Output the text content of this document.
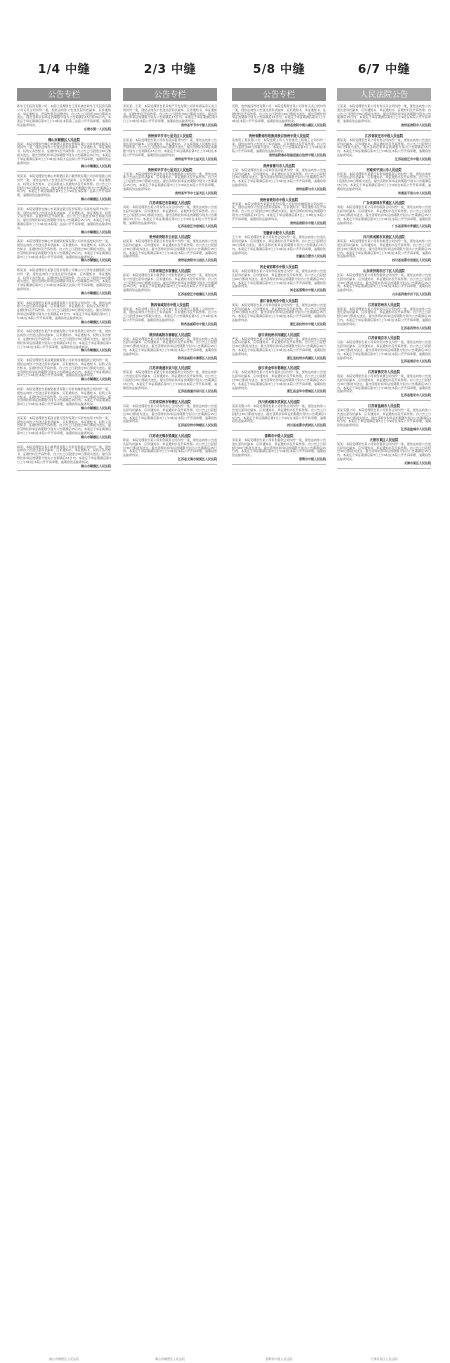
1/4 中缝
公告专栏
新华王宅投资有限公司：本院已受理原告王某诉被告新华王宅投资有限公司买卖合同纠纷一案，现依法向你公告送达起诉状副本、应诉通知书、举证通知书、开庭传票及证据材料。自公告之日起经过60日即视为送达。提出答辩状和举证的期限分别为公告期满后15日和30日内。本案定于举证期满后第3日上午9时在本院第三法庭公开开庭审理，逾期将依法缺席判决。
东莞市第一人民法院
佛山市顺德区人民法院
何某：本院受理原告佛山市顺德区某物业管理有限公司诉你物业服务合同纠纷一案，现依法向你公告送达起诉状副本、应诉通知书、举证通知书、权利义务告知书、证据材料及开庭传票。自公告之日起经过30日即视为送达。提出答辩状和举证的期限分别为公告期满后15日内。本案定于举证期满后第3日上午9时在本院大良法庭公开开庭审理，逾期将依法缺席判决。
佛山市顺德区人民法院
周某某：本院受理原告佛山市顺德区某小额贷款有限公司诉你借款合同纠纷一案，现依法向你公告送达起诉状副本、应诉通知书、举证通知书、权利义务告知书、合议庭组成人员通知书及开庭传票。自公告之日起经过30日即视为送达。提出答辩状和举证的期限分别为公告期满后15日内。本案定于举证期满后第3日上午9时在本院第一法庭公开开庭审理，逾期将依法缺席判决。
佛山市顺德区人民法院
李某：本院受理原告佛山市某商业银行股份有限公司诉你信用卡纠纷一案，现依法向你公告送达起诉状副本、应诉通知书、举证通知书、权利义务告知书、证据材料及开庭传票。自公告之日起经过30日即视为送达。提出答辩状和举证的期限分别为公告期满后15日内。本案定于举证期满后第3日上午9时在本院第二法庭公开开庭审理，逾期将依法缺席判决。
佛山市顺德区人民法院
黄某：本院受理原告佛山市某融资担保有限公司诉你追偿权纠纷一案，现依法向你公告送达起诉状副本、应诉通知书、举证通知书、权利义务告知书、证据材料及开庭传票。自公告之日起经过30日即视为送达。提出答辩状和举证的期限分别为公告期满后15日内。本案定于举证期满后第3日上午9时在本院公开开庭审理，逾期将依法缺席判决。
佛山市顺德区人民法院
陈某某：本院受理原告某银行股份有限公司佛山分行诉你金融借款合同纠纷一案，现依法向你公告送达起诉状副本、应诉通知书、举证通知书、权利义务告知书、证据材料及开庭传票。自公告之日起经过30日即视为送达。提出答辩状和举证的期限分别为公告期满后15日内。本案定于举证期满后第3日上午9时在本院第五法庭公开开庭审理，逾期将依法缺席判决。
佛山市顺德区人民法院
梁某：本院受理原告某商业保理有限公司诉你合同纠纷一案，现依法向你公告送达起诉状副本、应诉通知书、举证通知书、权利义务告知书、证据材料及开庭传票。自公告之日起经过30日即视为送达。提出答辩状和举证的期限分别为公告期满后15日内。本案定于举证期满后第3日上午9时在本院公开开庭审理，逾期将依法缺席判决。
佛山市顺德区人民法院
郑某：本院受理原告某汽车金融有限公司诉你借款合同纠纷一案，现依法向你公告送达起诉状副本、应诉通知书、举证通知书、权利义务告知书、证据材料及开庭传票。自公告之日起经过30日即视为送达。提出答辩状和举证的期限分别为公告期满后15日内。本案定于举证期满后第3日上午9时在本院公开开庭审理，逾期将依法缺席判决。
佛山市顺德区人民法院
吴某：本院受理原告某消费金融有限公司诉你金融借款合同纠纷一案，现依法向你公告送达起诉状副本、应诉通知书、举证通知书、权利义务告知书、证据材料及开庭传票。自公告之日起经过30日即视为送达。提出答辩状和举证的期限分别为公告期满后15日内。本案定于举证期满后第3日上午9时在本院公开开庭审理，逾期将依法缺席判决。
佛山市顺德区人民法院
林某：本院受理原告某融资租赁有限公司诉你融资租赁合同纠纷一案，现依法向你公告送达起诉状副本、应诉通知书、举证通知书、权利义务告知书、证据材料及开庭传票。自公告之日起经过30日即视为送达。提出答辩状和举证的期限分别为公告期满后15日内。本案定于举证期满后第3日上午9时在本院公开开庭审理，逾期将依法缺席判决。
佛山市顺德区人民法院
何某某：本院受理原告某商业银行股份有限公司诉你信用卡纠纷一案，现依法向你公告送达起诉状副本、应诉通知书、举证通知书、权利义务告知书、证据材料及开庭传票。自公告之日起经过30日即视为送达。提出答辩状和举证的期限分别为公告期满后15日内。本案定于举证期满后第3日上午9时在本院公开开庭审理，逾期将依法缺席判决。
佛山市顺德区人民法院
杨某：本院受理原告某小额贷款有限公司诉你借款合同纠纷一案，现依法向你公告送达起诉状副本、应诉通知书、举证通知书、权利义务告知书、证据材料及开庭传票。自公告之日起经过30日即视为送达。提出答辩状和举证的期限分别为公告期满后15日内。本案定于举证期满后第3日上午9时在本院公开开庭审理，逾期将依法缺席判决。
佛山市顺德区人民法院
佛山市顺德区人民法院
2/3 中缝
公告专栏
李某某、王某：本院受理原告某房地产开发有限公司诉你商品房买卖合同纠纷一案，现依法向你公告送达起诉状副本、应诉通知书、举证通知书、证据材料及开庭传票。自公告之日起经过60日即视为送达。提出答辩状和举证的期限分别为公告期满后15日内。本案定于举证期满后第3日上午9时在本院公开开庭审理，逾期将依法缺席判决。
贵州省毕节市中级人民法院
贵州省毕节市七星关区人民法院
张某某：本院受理原告某公司诉你民间借贷纠纷一案，现依法向你公告送达起诉状副本、应诉通知书、举证通知书、合议庭组成人员通知书及开庭传票。自公告之日起经过30日即视为送达。提出答辩状和举证的期限分别为公告期满后15日内。本案定于举证期满后第3日上午9时在本院公开开庭审理，逾期将依法缺席判决。
贵州省毕节市七星关区人民法院
贵州省毕节市七星关区人民法院
王某某：本院受理原告某信用社诉你金融借款合同纠纷一案，现依法向你公告送达起诉状副本、应诉通知书、举证通知书及开庭传票。自公告之日起经过30日即视为送达。提出答辩状和举证的期限分别为公告期满后15日内。本案定于举证期满后第3日上午9时在本院公开开庭审理，逾期将依法缺席判决。
贵州省毕节市七星关区人民法院
江苏省宿迁市宿城区人民法院
刘某：本院受理原告某公司诉你买卖合同纠纷一案，现依法向你公告送达起诉状副本、应诉通知书、举证通知书、证据材料及开庭传票。自公告之日起经过30日即视为送达。提出答辩状和举证的期限分别为公告期满后15日内。本案定于举证期满后第3日上午9时在本院公开开庭审理，逾期将依法缺席判决。
江苏省宿迁市宿城区人民法院
贵州省贵阳市云岩区人民法院
赵某某：本院受理原告某银行诉你信用卡纠纷一案，现依法向你公告送达起诉状副本、应诉通知书、举证通知书及开庭传票。自公告之日起经过30日即视为送达。提出答辩状和举证的期限分别为公告期满后15日内。本案定于举证期满后第3日上午9时在本院公开开庭审理，逾期将依法缺席判决。
贵州省贵阳市云岩区人民法院
江苏省宿迁市宿豫区人民法院
孙某：本院受理原告某小额贷款公司诉你借款合同纠纷一案，现依法向你公告送达起诉状副本、应诉通知书、举证通知书及开庭传票。自公告之日起经过30日即视为送达。提出答辩状和举证的期限分别为公告期满后15日内。本案定于举证期满后第3日上午9时在本院公开开庭审理，逾期将依法缺席判决。
江苏省宿迁市宿豫区人民法院
陕西省咸阳市中级人民法院
周某某：本院受理上诉人某公司与被上诉人你建设工程施工合同纠纷一案，现依法向你公告送达上诉状副本、应诉通知书及开庭传票。自公告之日起经过60日即视为送达。本案定于公告期满后第3日上午9时在本院公开开庭审理，逾期将依法缺席判决。
陕西省咸阳市中级人民法院
陕西省咸阳市秦都区人民法院
吴某：本院受理原告某公司诉你租赁合同纠纷一案，现依法向你公告送达起诉状副本、应诉通知书、举证通知书及开庭传票。自公告之日起经过30日即视为送达。提出答辩状和举证的期限分别为公告期满后15日内。本案定于举证期满后第3日上午9时在本院公开开庭审理，逾期将依法缺席判决。
陕西省咸阳市秦都区人民法院
江苏省南通市崇川区人民法院
郑某某：本院受理原告某银行诉你金融借款合同纠纷一案，现依法向你公告送达起诉状副本、应诉通知书、举证通知书及开庭传票。自公告之日起经过30日即视为送达。提出答辩状和举证的期限分别为公告期满后15日内。本案定于举证期满后第3日上午9时在本院公开开庭审理，逾期将依法缺席判决。
江苏省南通市崇川区人民法院
江苏省常州市钟楼区人民法院
冯某：本院受理原告某公司诉你加工合同纠纷一案，现依法向你公告送达起诉状副本、应诉通知书、举证通知书及开庭传票。自公告之日起经过30日即视为送达。提出答辩状和举证的期限分别为公告期满后15日内。本案定于举证期满后第3日上午9时在本院公开开庭审理，逾期将依法缺席判决。
江苏省常州市钟楼区人民法院
江苏省无锡市梁溪区人民法院
陈某：本院受理原告某公司诉你服务合同纠纷一案，现依法向你公告送达起诉状副本、应诉通知书、举证通知书及开庭传票。自公告之日起经过30日即视为送达。提出答辩状和举证的期限分别为公告期满后15日内。本案定于举证期满后第3日上午9时在本院公开开庭审理，逾期将依法缺席判决。
江苏省无锡市梁溪区人民法院
佛山市顺德区人民法院
5/8 中缝
公告专栏
安阳、贵州裕扬科技有限公司：本院受理原告某公司诉你买卖合同纠纷一案，现依法向你公告送达起诉状副本、应诉通知书、举证通知书、证据材料及开庭传票。自公告之日起经过30日即视为送达。提出答辩状和举证的期限分别为公告期满后15日内。本案定于举证期满后第3日上午9时在本院公开开庭审理，逾期将依法缺席判决。
贵州省贵阳市观山湖区人民法院
贵州省黔南布依族苗族自治州中级人民法院
某建筑工程有限公司：本院受理上诉人与你建设工程施工合同纠纷一案，现依法向你公告送达上诉状副本、应诉通知书及开庭传票。自公告之日起经过60日即视为送达。本案定于公告期满后第3日上午9时在本院公开开庭审理，逾期将依法缺席判决。
贵州省黔南布依族苗族自治州中级人民法院
贵州省都匀市人民法院
王某：本院受理原告某公司诉你民间借贷纠纷一案，现依法向你公告送达起诉状副本、应诉通知书、举证通知书及开庭传票。自公告之日起经过30日即视为送达。提出答辩状和举证的期限分别为公告期满后15日内。本案定于举证期满后第3日上午9时在本院公开开庭审理，逾期将依法缺席判决。
贵州省都匀市人民法院
贵州省贵阳市中级人民法院
罗某某：本院受理原告某银行股份有限公司诉你金融借款合同纠纷一案，现依法向你公告送达起诉状副本、应诉通知书、举证通知书及开庭传票。自公告之日起经过30日即视为送达。提出答辩状和举证的期限分别为公告期满后15日内。本案定于举证期满后第3日上午9时在本院公开开庭审理，逾期将依法缺席判决。
贵州省贵阳市中级人民法院
安徽省合肥市人民法院
王大米：本院受理原告某公司诉你合同纠纷一案，现依法向你公告送达起诉状副本、应诉通知书、举证通知书及开庭传票。自公告之日起经过30日即视为送达。提出答辩状和举证的期限分别为公告期满后15日内。本案定于举证期满后第3日上午9时在本院公开开庭审理，逾期将依法缺席判决。
安徽省合肥市人民法院
河北省邯郸市中级人民法院
某某：本院受理原告某公司诉你股权转让纠纷一案，现依法向你公告送达起诉状副本、应诉通知书、举证通知书及开庭传票。自公告之日起经过60日即视为送达。提出答辩状和举证的期限分别为公告期满后15日内。本案定于举证期满后第3日上午9时在本院公开开庭审理，逾期将依法缺席判决。
河北省邯郸市中级人民法院
浙江省杭州市中级人民法院
周某：本院受理原告某公司诉你服务合同纠纷一案，现依法向你公告送达起诉状副本、应诉通知书、举证通知书及开庭传票。自公告之日起经过30日即视为送达。提出答辩状和举证的期限分别为公告期满后15日内。本案定于举证期满后第3日上午9时在本院公开开庭审理，逾期将依法缺席判决。
浙江省杭州市中级人民法院
浙江省杭州市西湖区人民法院
严某：本院受理原告某公司诉你买卖合同纠纷一案，现依法向你公告送达起诉状副本、应诉通知书、举证通知书及开庭传票。自公告之日起经过30日即视为送达。提出答辩状和举证的期限分别为公告期满后15日内。本案定于举证期满后第3日上午9时在本院公开开庭审理，逾期将依法缺席判决。
浙江省杭州市西湖区人民法院
浙江省金华市婺城区人民法院
卢某：本院受理原告某公司诉你借款合同纠纷一案，现依法向你公告送达起诉状副本、应诉通知书、举证通知书及开庭传票。自公告之日起经过30日即视为送达。提出答辩状和举证的期限分别为公告期满后15日内。本案定于举证期满后第3日上午9时在本院公开开庭审理，逾期将依法缺席判决。
浙江省金华市婺城区人民法院
四川省成都市武侯区人民法院
某某有限公司：本院受理原告某公司诉你合同纠纷一案，现依法向你公告送达起诉状副本、应诉通知书、举证通知书及开庭传票。自公告之日起经过30日即视为送达。提出答辩状和举证的期限分别为公告期满后15日内。本案定于举证期满后第3日上午9时在本院公开开庭审理，逾期将依法缺席判决。
四川省成都市武侯区人民法院
邯郸市中级人民法院
李某某：本院受理原告某公司诉你借款合同纠纷一案，现依法向你公告送达起诉状副本、应诉通知书、举证通知书及开庭传票。自公告之日起经过60日即视为送达。提出答辩状和举证的期限分别为公告期满后15日内。本案定于举证期满后第3日上午9时在本院公开开庭审理，逾期将依法缺席判决。
邯郸市中级人民法院
邯郸市中级人民法院
6/7 中缝
人民法院公告
王某某：本院受理原告某公司诉你买卖合同纠纷一案，现依法向你公告送达起诉状副本、应诉通知书、举证通知书、证据材料及开庭传票。自公告之日起经过30日即视为送达。提出答辩状和举证的期限分别为公告期满后15日内。本案定于举证期满后第3日上午9时在本院公开开庭审理，逾期将依法缺席判决。
贵州省贵阳市人民法院
江苏省宿迁市中级人民法院
曹某某：本院受理原告某公司诉你合同纠纷一案，现依法向你公告送达起诉状副本、应诉通知书、举证通知书及开庭传票。自公告之日起经过30日即视为送达。提出答辩状和举证的期限分别为公告期满后15日内。本案定于举证期满后第3日上午9时在本院公开开庭审理，逾期将依法缺席判决。
江苏省宿迁市中级人民法院
河南省平顶山市人民法院
孙某某：本院受理原告某银行诉你金融借款合同纠纷一案，现依法向你公告送达起诉状副本、应诉通知书、举证通知书及开庭传票。自公告之日起经过30日即视为送达。提出答辩状和举证的期限分别为公告期满后15日内。本案定于举证期满后第3日上午9时在本院公开开庭审理，逾期将依法缺席判决。
河南省平顶山市人民法院
广东省深圳市罗湖区人民法院
刘某：本院受理原告某公司诉你服务合同纠纷一案，现依法向你公告送达起诉状副本、应诉通知书、举证通知书及开庭传票。自公告之日起经过30日即视为送达。提出答辩状和举证的期限分别为公告期满后15日内。本案定于举证期满后第3日上午9时在本院公开开庭审理，逾期将依法缺席判决。
广东省深圳市罗湖区人民法院
四川省成都市双流区人民法院
黄某某：本院受理原告某公司诉你租赁合同纠纷一案，现依法向你公告送达起诉状副本、应诉通知书、举证通知书及开庭传票。自公告之日起经过30日即视为送达。提出答辩状和举证的期限分别为公告期满后15日内。本案定于举证期满后第3日上午9时在本院公开开庭审理，逾期将依法缺席判决。
四川省成都市双流区人民法院
山东省济南市历下区人民法院
张某：本院受理原告某公司诉你借款合同纠纷一案，现依法向你公告送达起诉状副本、应诉通知书、举证通知书及开庭传票。自公告之日起经过30日即视为送达。提出答辩状和举证的期限分别为公告期满后15日内。本案定于举证期满后第3日上午9时在本院公开开庭审理，逾期将依法缺席判决。
山东省济南市历下区人民法院
江苏省苏州市人民法院
徐某某：本院受理原告某公司诉你买卖合同纠纷一案，现依法向你公告送达起诉状副本、应诉通知书、举证通知书及开庭传票。自公告之日起经过30日即视为送达。提出答辩状和举证的期限分别为公告期满后15日内。本案定于举证期满后第3日上午9时在本院公开开庭审理，逾期将依法缺席判决。
江苏省苏州市人民法院
江苏省南京市人民法院
马某：本院受理原告某公司诉你劳动争议纠纷一案，现依法向你公告送达起诉状副本、应诉通知书、举证通知书及开庭传票。自公告之日起经过30日即视为送达。提出答辩状和举证的期限分别为公告期满后15日内。本案定于举证期满后第3日上午9时在本院公开开庭审理，逾期将依法缺席判决。
江苏省南京市人民法院
江苏省淮安市人民法院
钱某：本院受理原告某公司诉你承揽合同纠纷一案，现依法向你公告送达起诉状副本、应诉通知书、举证通知书及开庭传票。自公告之日起经过30日即视为送达。提出答辩状和举证的期限分别为公告期满后15日内。本案定于举证期满后第3日上午9时在本院公开开庭审理，逾期将依法缺席判决。
江苏省淮安市人民法院
江苏省盐城市人民法院
某某有限公司：本院受理原告某公司诉你合同纠纷一案，现依法向你公告送达起诉状副本、应诉通知书、举证通知书及开庭传票。自公告之日起经过30日即视为送达。提出答辩状和举证的期限分别为公告期满后15日内。本案定于举证期满后第3日上午9时在本院公开开庭审理，逾期将依法缺席判决。
江苏省盐城市人民法院
天津市某区人民法院
某某：本院受理原告某公司诉你借款合同纠纷一案，现依法向你公告送达起诉状副本、应诉通知书、举证通知书及开庭传票。自公告之日起经过30日即视为送达。提出答辩状和举证的期限分别为公告期满后15日内。本案定于举证期满后第3日上午9时在本院公开开庭审理，逾期将依法缺席判决。
天津市某区人民法院
天津市某区人民法院
